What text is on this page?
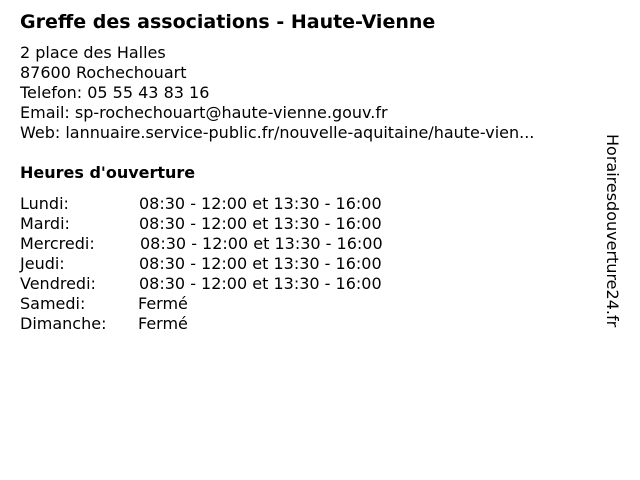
Greffe des associations - Haute-Vienne
2 place des Halles
87600 Rochechouart
Telefon: 05 55 43 83 16
Email: sp-rochechouart@haute-vienne.gouv.fr
Web: lannuaire.service-public.fr/nouvelle-aquitaine/haute-vien...
Heures d'ouverture
Lundi:	08:30 - 12:00 et 13:30 - 16:00
Mardi:	08:30 - 12:00 et 13:30 - 16:00
Mercredi:	08:30 - 12:00 et 13:30 - 16:00
Jeudi:	08:30 - 12:00 et 13:30 - 16:00
Vendredi:	08:30 - 12:00 et 13:30 - 16:00
Samedi:	Fermé
Dimanche: Fermé	Horairesdouverture24.fr
